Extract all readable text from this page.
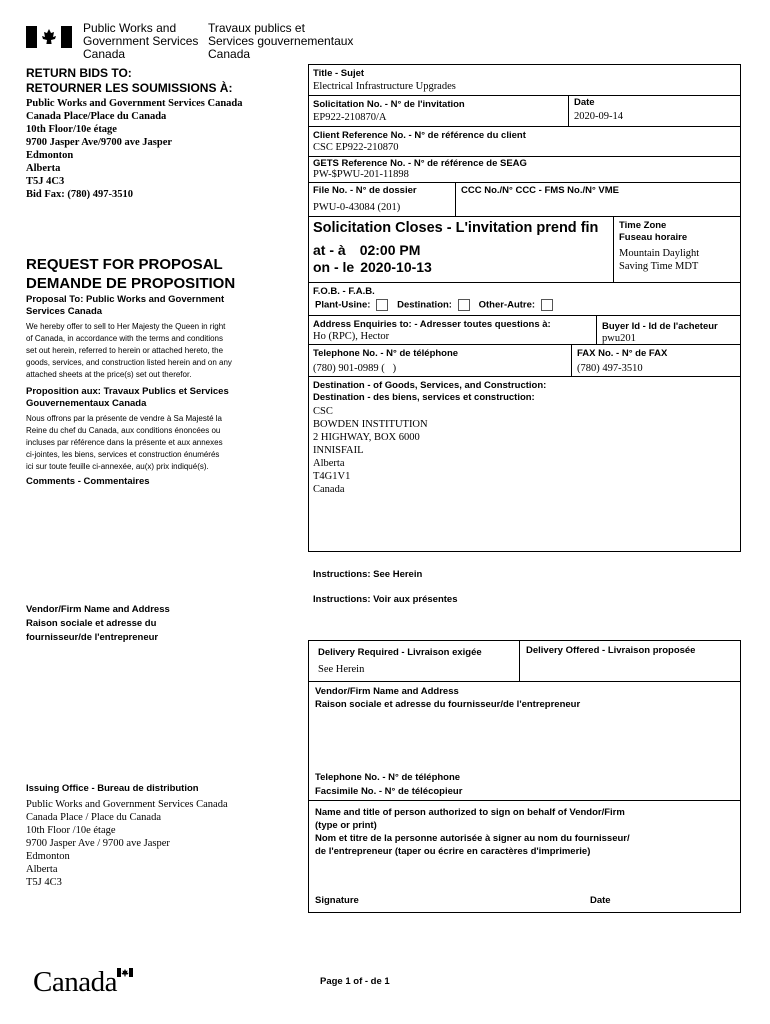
Public Works and
Government Services
Canada
Travaux publics et
Services gouvernementaux
Canada
RETURN BIDS TO:
RETOURNER LES SOUMISSIONS À:
Public Works and Government Services Canada
Canada Place/Place du Canada
10th Floor/10e étage
9700 Jasper Ave/9700 ave Jasper
Edmonton
Alberta
T5J 4C3
Bid Fax: (780) 497-3510
REQUEST FOR PROPOSAL
DEMANDE DE PROPOSITION
Proposal To: Public Works and Government Services Canada
We hereby offer to sell to Her Majesty the Queen in right
of Canada, in accordance with the terms and conditions
set out herein, referred to herein or attached hereto, the
goods, services, and construction listed herein and on any
attached sheets at the price(s) set out therefor.
Proposition aux: Travaux Publics et Services Gouvernementaux Canada
Nous offrons par la présente de vendre à Sa Majesté la
Reine du chef du Canada, aux conditions énoncées ou
incluses par référence dans la présente et aux annexes
ci-jointes, les biens, services et construction énumérés
ici sur toute feuille ci-annexée, au(x) prix indiqué(s).
Comments - Commentaires
Vendor/Firm Name and Address
Raison sociale et adresse du
fournisseur/de l'entrepreneur
Issuing Office - Bureau de distribution
Public Works and Government Services Canada
Canada Place / Place du Canada
10th Floor /10e étage
9700 Jasper Ave / 9700 ave Jasper
Edmonton
Alberta
T5J 4C3
Title - Sujet
Electrical Infrastructure Upgrades
Solicitation No. - N° de l'invitation
EP922-210870/A
Date
2020-09-14
Client Reference No. - N° de référence du client
CSC EP922-210870
GETS Reference No. - N° de référence de SEAG
PW-$PWU-201-11898
File No. - N° de dossier
PWU-0-43084 (201)
CCC No./N° CCC - FMS No./N° VME
Solicitation Closes - L'invitation prend fin
at - à 02:00 PM
on - le 2020-10-13
Time Zone
Fuseau horaire
Mountain Daylight
Saving Time MDT
F.O.B. - F.A.B.
Plant-Usine:	Destination:	Other-Autre:
Address Enquiries to: - Adresser toutes questions à:
Ho (RPC), Hector
Buyer Id - Id de l'acheteur
pwu201
Telephone No. - N° de téléphone
(780) 901-0989 (   )
FAX No. - N° de FAX
(780) 497-3510
Destination - of Goods, Services, and Construction:
Destination - des biens, services et construction:
CSC
BOWDEN INSTITUTION
2 HIGHWAY, BOX 6000
INNISFAIL
Alberta
T4G1V1
Canada
Instructions: See Herein
Instructions: Voir aux présentes
Delivery Required - Livraison exigée
See Herein
Delivery Offered - Livraison proposée
Vendor/Firm Name and Address
Raison sociale et adresse du fournisseur/de l'entrepreneur
Telephone No. - N° de téléphone
Facsimile No. - N° de télécopieur
Name and title of person authorized to sign on behalf of Vendor/Firm
(type or print)
Nom et titre de la personne autorisée à signer au nom du fournisseur/
de l'entrepreneur (taper ou écrire en caractères d'imprimerie)
Signature	Date
Page 1 of - de 1
Canada
